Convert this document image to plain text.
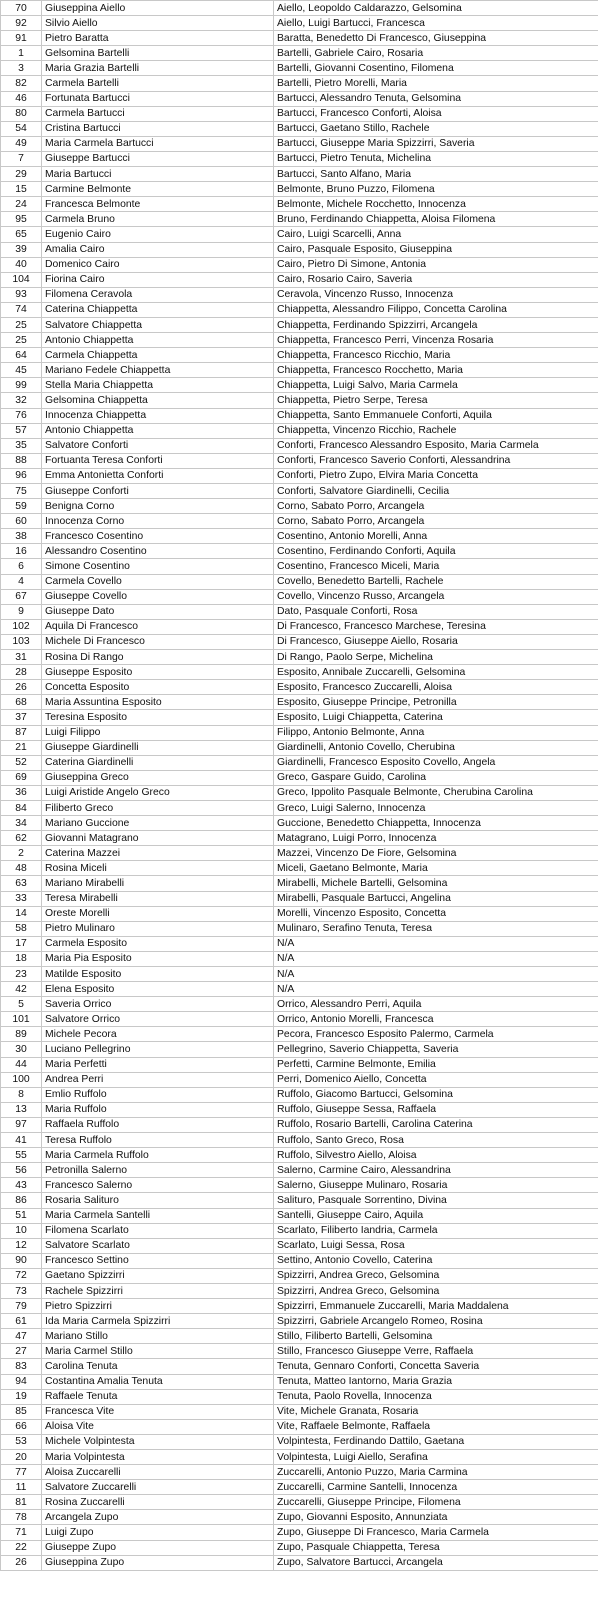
70	Giuseppina Aiello	Aiello, Leopoldo Caldarazzo, Gelsomina
92	Silvio Aiello	Aiello, Luigi Bartucci, Francesca
91	Pietro Baratta	Baratta, Benedetto Di Francesco, Giuseppina
1	Gelsomina Bartelli	Bartelli, Gabriele Cairo, Rosaria
3	Maria Grazia Bartelli	Bartelli, Giovanni Cosentino, Filomena
82	Carmela Bartelli	Bartelli, Pietro Morelli, Maria
46	Fortunata Bartucci	Bartucci, Alessandro Tenuta, Gelsomina
80	Carmela Bartucci	Bartucci, Francesco Conforti, Aloisa
54	Cristina Bartucci	Bartucci, Gaetano Stillo, Rachele
49	Maria Carmela Bartucci	Bartucci, Giuseppe Maria Spizzirri, Saveria
7	Giuseppe Bartucci	Bartucci, Pietro Tenuta, Michelina
29	Maria Bartucci	Bartucci, Santo Alfano, Maria
15	Carmine Belmonte	Belmonte, Bruno Puzzo, Filomena
24	Francesca Belmonte	Belmonte, Michele Rocchetto, Innocenza
95	Carmela Bruno	Bruno, Ferdinando Chiappetta, Aloisa Filomena
65	Eugenio Cairo	Cairo, Luigi Scarcelli, Anna
39	Amalia Cairo	Cairo, Pasquale Esposito, Giuseppina
40	Domenico Cairo	Cairo, Pietro Di Simone, Antonia
104	Fiorina Cairo	Cairo, Rosario Cairo, Saveria
93	Filomena Ceravola	Ceravola, Vincenzo Russo, Innocenza
74	Caterina Chiappetta	Chiappetta, Alessandro Filippo, Concetta Carolina
25	Salvatore Chiappetta	Chiappetta, Ferdinando Spizzirri, Arcangela
25	Antonio Chiappetta	Chiappetta, Francesco Perri, Vincenza Rosaria
64	Carmela Chiappetta	Chiappetta, Francesco Ricchio, Maria
45	Mariano Fedele Chiappetta	Chiappetta, Francesco Rocchetto, Maria
99	Stella Maria Chiappetta	Chiappetta, Luigi Salvo, Maria Carmela
32	Gelsomina Chiappetta	Chiappetta, Pietro Serpe, Teresa
76	Innocenza Chiappetta	Chiappetta, Santo Emmanuele Conforti, Aquila
57	Antonio Chiappetta	Chiappetta, Vincenzo Ricchio, Rachele
35	Salvatore Conforti	Conforti, Francesco Alessandro Esposito, Maria Carmela
88	Fortuanta Teresa Conforti	Conforti, Francesco Saverio Conforti, Alessandrina
96	Emma Antonietta Conforti	Conforti, Pietro Zupo, Elvira Maria Concetta
75	Giuseppe Conforti	Conforti, Salvatore Giardinelli, Cecilia
59	Benigna Corno	Corno, Sabato Porro, Arcangela
60	Innocenza Corno	Corno, Sabato Porro, Arcangela
38	Francesco Cosentino	Cosentino, Antonio Morelli, Anna
16	Alessandro Cosentino	Cosentino, Ferdinando Conforti, Aquila
6	Simone Cosentino	Cosentino, Francesco Miceli, Maria
4	Carmela Covello	Covello, Benedetto Bartelli, Rachele
67	Giuseppe Covello	Covello, Vincenzo Russo, Arcangela
9	Giuseppe Dato	Dato, Pasquale Conforti, Rosa
102	Aquila Di Francesco	Di Francesco, Francesco Marchese, Teresina
103	Michele Di Francesco	Di Francesco, Giuseppe Aiello, Rosaria
31	Rosina Di Rango	Di Rango, Paolo Serpe, Michelina
28	Giuseppe Esposito	Esposito, Annibale Zuccarelli, Gelsomina
26	Concetta Esposito	Esposito, Francesco Zuccarelli, Aloisa
68	Maria Assuntina Esposito	Esposito, Giuseppe Principe, Petronilla
37	Teresina Esposito	Esposito, Luigi Chiappetta, Caterina
87	Luigi Filippo	Filippo, Antonio Belmonte, Anna
21	Giuseppe Giardinelli	Giardinelli, Antonio Covello, Cherubina
52	Caterina Giardinelli	Giardinelli, Francesco Esposito Covello, Angela
69	Giuseppina Greco	Greco, Gaspare Guido, Carolina
36	Luigi Aristide Angelo Greco	Greco, Ippolito Pasquale Belmonte, Cherubina Carolina
84	Filiberto Greco	Greco, Luigi Salerno, Innocenza
34	Mariano Guccione	Guccione, Benedetto Chiappetta, Innocenza
62	Giovanni Matagrano	Matagrano, Luigi Porro, Innocenza
2	Caterina Mazzei	Mazzei, Vincenzo De Fiore, Gelsomina
48	Rosina Miceli	Miceli, Gaetano Belmonte, Maria
63	Mariano Mirabelli	Mirabelli, Michele Bartelli, Gelsomina
33	Teresa Mirabelli	Mirabelli, Pasquale Bartucci, Angelina
14	Oreste Morelli	Morelli, Vincenzo Esposito, Concetta
58	Pietro Mulinaro	Mulinaro, Serafino Tenuta, Teresa
17	Carmela Esposito	N/A
18	Maria Pia Esposito	N/A
23	Matilde Esposito	N/A
42	Elena Esposito	N/A
5	Saveria Orrico	Orrico, Alessandro Perri, Aquila
101	Salvatore Orrico	Orrico, Antonio Morelli, Francesca
89	Michele Pecora	Pecora, Francesco Esposito Palermo, Carmela
30	Luciano Pellegrino	Pellegrino, Saverio Chiappetta, Saveria
44	Maria Perfetti	Perfetti, Carmine Belmonte, Emilia
100	Andrea Perri	Perri, Domenico Aiello, Concetta
8	Emlio Ruffolo	Ruffolo, Giacomo Bartucci, Gelsomina
13	Maria Ruffolo	Ruffolo, Giuseppe Sessa, Raffaela
97	Raffaela Ruffolo	Ruffolo, Rosario Bartelli, Carolina Caterina
41	Teresa Ruffolo	Ruffolo, Santo Greco, Rosa
55	Maria Carmela Ruffolo	Ruffolo, Silvestro Aiello, Aloisa
56	Petronilla Salerno	Salerno, Carmine Cairo, Alessandrina
43	Francesco Salerno	Salerno, Giuseppe Mulinaro, Rosaria
86	Rosaria Salituro	Salituro, Pasquale Sorrentino, Divina
51	Maria Carmela Santelli	Santelli, Giuseppe Cairo, Aquila
10	Filomena Scarlato	Scarlato, Filiberto Iandria, Carmela
12	Salvatore Scarlato	Scarlato, Luigi Sessa, Rosa
90	Francesco Settino	Settino, Antonio Covello, Caterina
72	Gaetano Spizzirri	Spizzirri, Andrea Greco, Gelsomina
73	Rachele Spizzirri	Spizzirri, Andrea Greco, Gelsomina
79	Pietro Spizzirri	Spizzirri, Emmanuele Zuccarelli, Maria Maddalena
61	Ida Maria Carmela Spizzirri	Spizzirri, Gabriele Arcangelo Romeo, Rosina
47	Mariano Stillo	Stillo, Filiberto Bartelli, Gelsomina
27	Maria Carmel Stillo	Stillo, Francesco Giuseppe Verre, Raffaela
83	Carolina Tenuta	Tenuta, Gennaro Conforti, Concetta Saveria
94	Costantina Amalia Tenuta	Tenuta, Matteo Iantorno, Maria Grazia
19	Raffaele Tenuta	Tenuta, Paolo Rovella, Innocenza
85	Francesca Vite	Vite, Michele Granata, Rosaria
66	Aloisa Vite	Vite, Raffaele Belmonte, Raffaela
53	Michele Volpintesta	Volpintesta, Ferdinando Dattilo, Gaetana
20	Maria Volpintesta	Volpintesta, Luigi Aiello, Serafina
77	Aloisa Zuccarelli	Zuccarelli, Antonio Puzzo, Maria Carmina
11	Salvatore Zuccarelli	Zuccarelli, Carmine Santelli, Innocenza
81	Rosina Zuccarelli	Zuccarelli, Giuseppe Principe, Filomena
78	Arcangela Zupo	Zupo, Giovanni Esposito, Annunziata
71	Luigi Zupo	Zupo, Giuseppe Di Francesco, Maria Carmela
22	Giuseppe Zupo	Zupo, Pasquale Chiappetta, Teresa
26	Giuseppina Zupo	Zupo, Salvatore Bartucci, Arcangela
